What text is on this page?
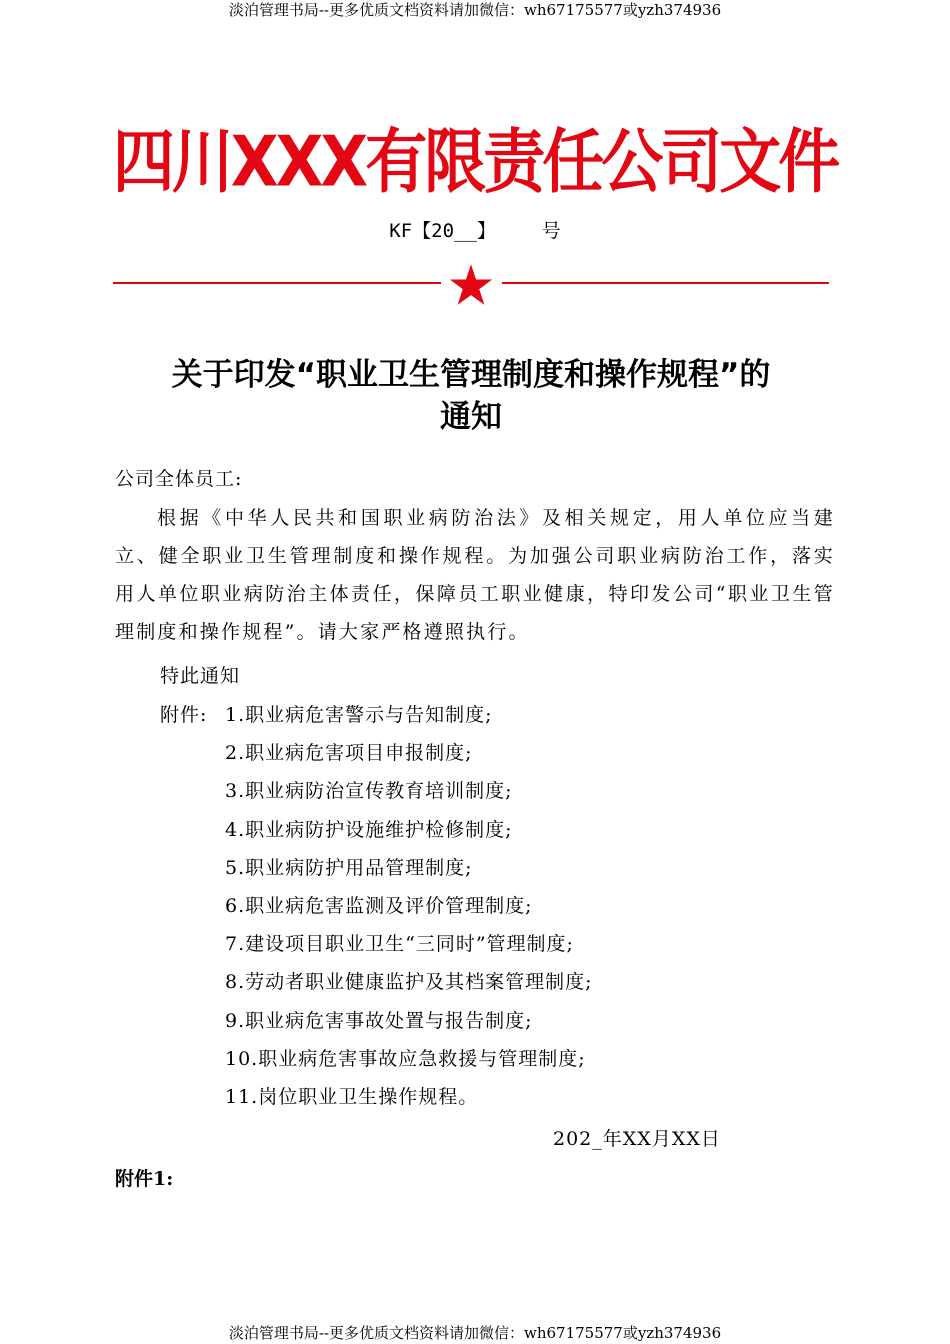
淡泊管理书局--更多优质文档资料请加微信：wh67175577或yzh374936
四川XXX有限责任公司文件
KF【20__】    号
关于印发“职业卫生管理制度和操作规程”的
通知
公司全体员工:
根据《中华人民共和国职业病防治法》及相关规定，用人单位应当建立、健全职业卫生管理制度和操作规程。为加强公司职业病防治工作，落实用人单位职业病防治主体责任，保障员工职业健康，特印发公司“职业卫生管理制度和操作规程”。请大家严格遵照执行。
特此通知
附件: 1.职业病危害警示与告知制度;
2.职业病危害项目申报制度;
3.职业病防治宣传教育培训制度;
4.职业病防护设施维护检修制度;
5.职业病防护用品管理制度;
6.职业病危害监测及评价管理制度;
7.建设项目职业卫生“三同时”管理制度;
8.劳动者职业健康监护及其档案管理制度;
9.职业病危害事故处置与报告制度;
10.职业病危害事故应急救援与管理制度;
11.岗位职业卫生操作规程。
202_年XX月XX日
附件1:
淡泊管理书局--更多优质文档资料请加微信：wh67175577或yzh374936
